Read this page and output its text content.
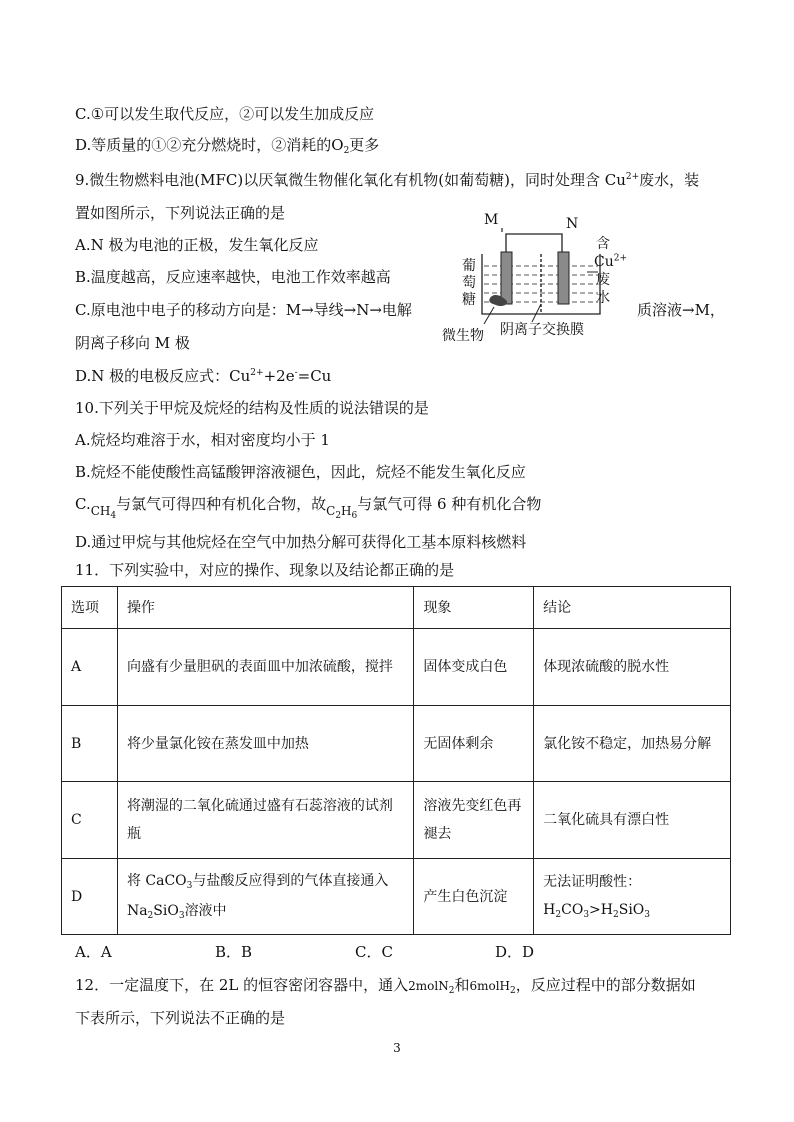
C.①可以发生取代反应，②可以发生加成反应
D.等质量的①②充分燃烧时，②消耗的$O_2$更多
9.微生物燃料电池(MFC)以厌氧微生物催化氧化有机物(如葡萄糖)，同时处理含 $Cu^{2+}$废水，装
置如图所示，下列说法正确的是
A.N 极为电池的正极，发生氧化反应
B.温度越高，反应速率越快，电池工作效率越高
C.原电池中电子的移动方向是：M→导线→N→电解	质溶液→M，
阴离子移向 M 极
D.N 极的电极反应式：$Cu^{2+}+2e^-=Cu$
M	N
含
$Cu^{2+}$
废
水
葡
萄
糖
微生物 阴离子交换膜
10.下列关于甲烷及烷烃的结构及性质的说法错误的是
A.烷烃均难溶于水，相对密度均小于 1
B.烷烃不能使酸性高锰酸钾溶液褪色，因此，烷烃不能发生氧化反应
$C._{CH_4}$与氯气可得四种有机化合物，故$_{C_2H_6}$与氯气可得 6 种有机化合物
D.通过甲烷与其他烷烃在空气中加热分解可获得化工基本原料核燃料
11．下列实验中，对应的操作、现象以及结论都正确的是
选项	操作	现象	结论
A	向盛有少量胆矾的表面皿中加浓硫酸，搅拌	固体变成白色	体现浓硫酸的脱水性
B	将少量氯化铵在蒸发皿中加热	无固体剩余	氯化铵不稳定，加热易分解
C	将潮湿的二氧化硫通过盛有石蕊溶液的试剂瓶	溶液先变红色再褪去	二氧化硫具有漂白性
D	将 CaCO$_3$与盐酸反应得到的气体直接通入 $Na_2SiO_3$溶液中	产生白色沉淀	无法证明酸性：
$H_2CO_3>H_2SiO_3$
A．A	B．B	C．C	D．D
12．一定温度下，在 2L 的恒容密闭容器中，通入2molN$_2$和6molH$_2$，反应过程中的部分数据如
下表所示，下列说法不正确的是
3
